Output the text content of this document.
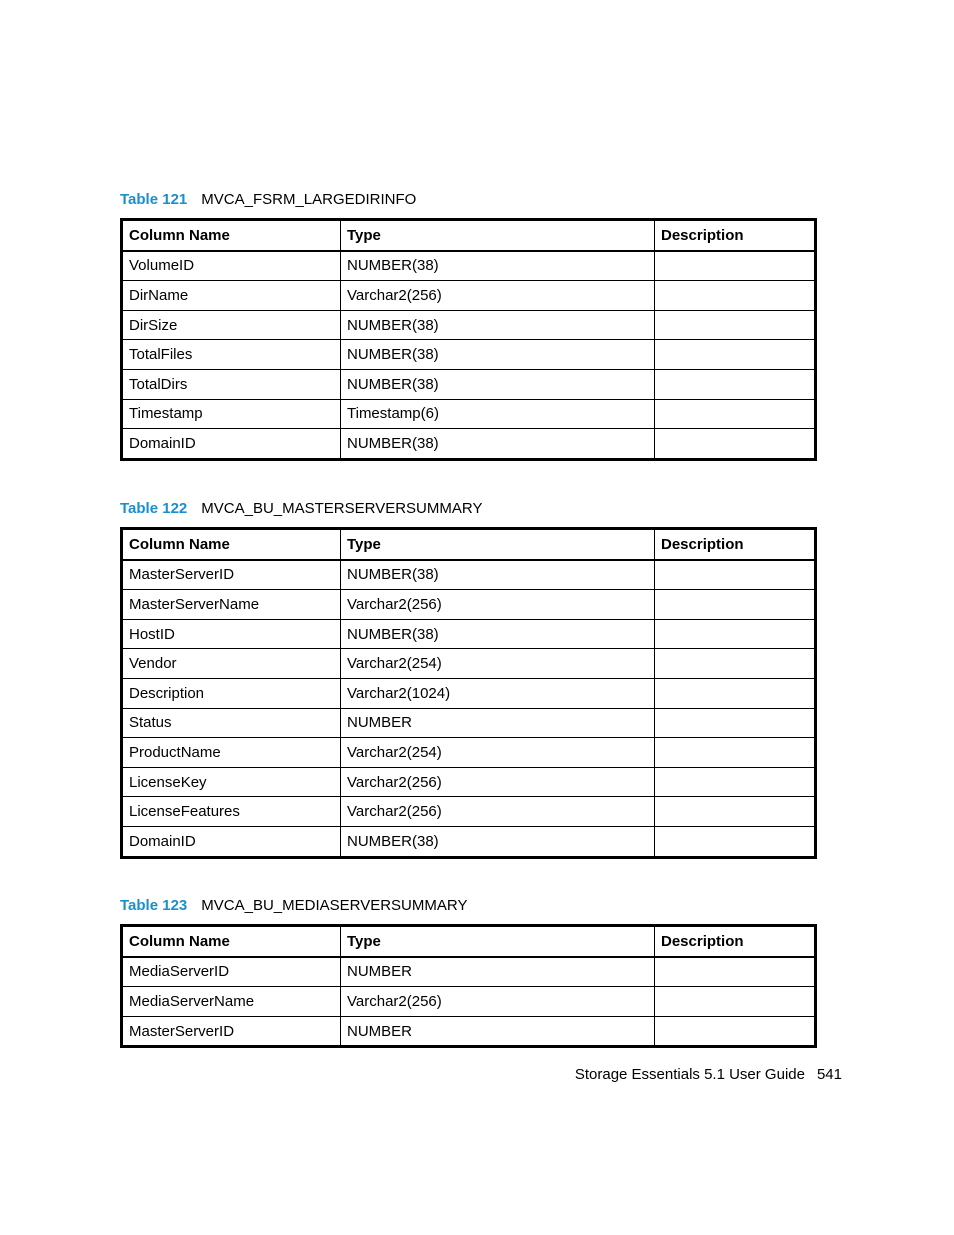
Table 121 MVCA_FSRM_LARGEDIRINFO
Column Name	Type	Description
VolumeID	NUMBER(38)	
DirName	Varchar2(256)	
DirSize	NUMBER(38)	
TotalFiles	NUMBER(38)	
TotalDirs	NUMBER(38)	
Timestamp	Timestamp(6)	
DomainID	NUMBER(38)	
Table 122 MVCA_BU_MASTERSERVERSUMMARY
Column Name	Type	Description
MasterServerID	NUMBER(38)	
MasterServerName	Varchar2(256)	
HostID	NUMBER(38)	
Vendor	Varchar2(254)	
Description	Varchar2(1024)	
Status	NUMBER	
ProductName	Varchar2(254)	
LicenseKey	Varchar2(256)	
LicenseFeatures	Varchar2(256)	
DomainID	NUMBER(38)	
Table 123 MVCA_BU_MEDIASERVERSUMMARY
Column Name	Type	Description
MediaServerID	NUMBER	
MediaServerName	Varchar2(256)	
MasterServerID	NUMBER	
Storage Essentials 5.1 User Guide 541
